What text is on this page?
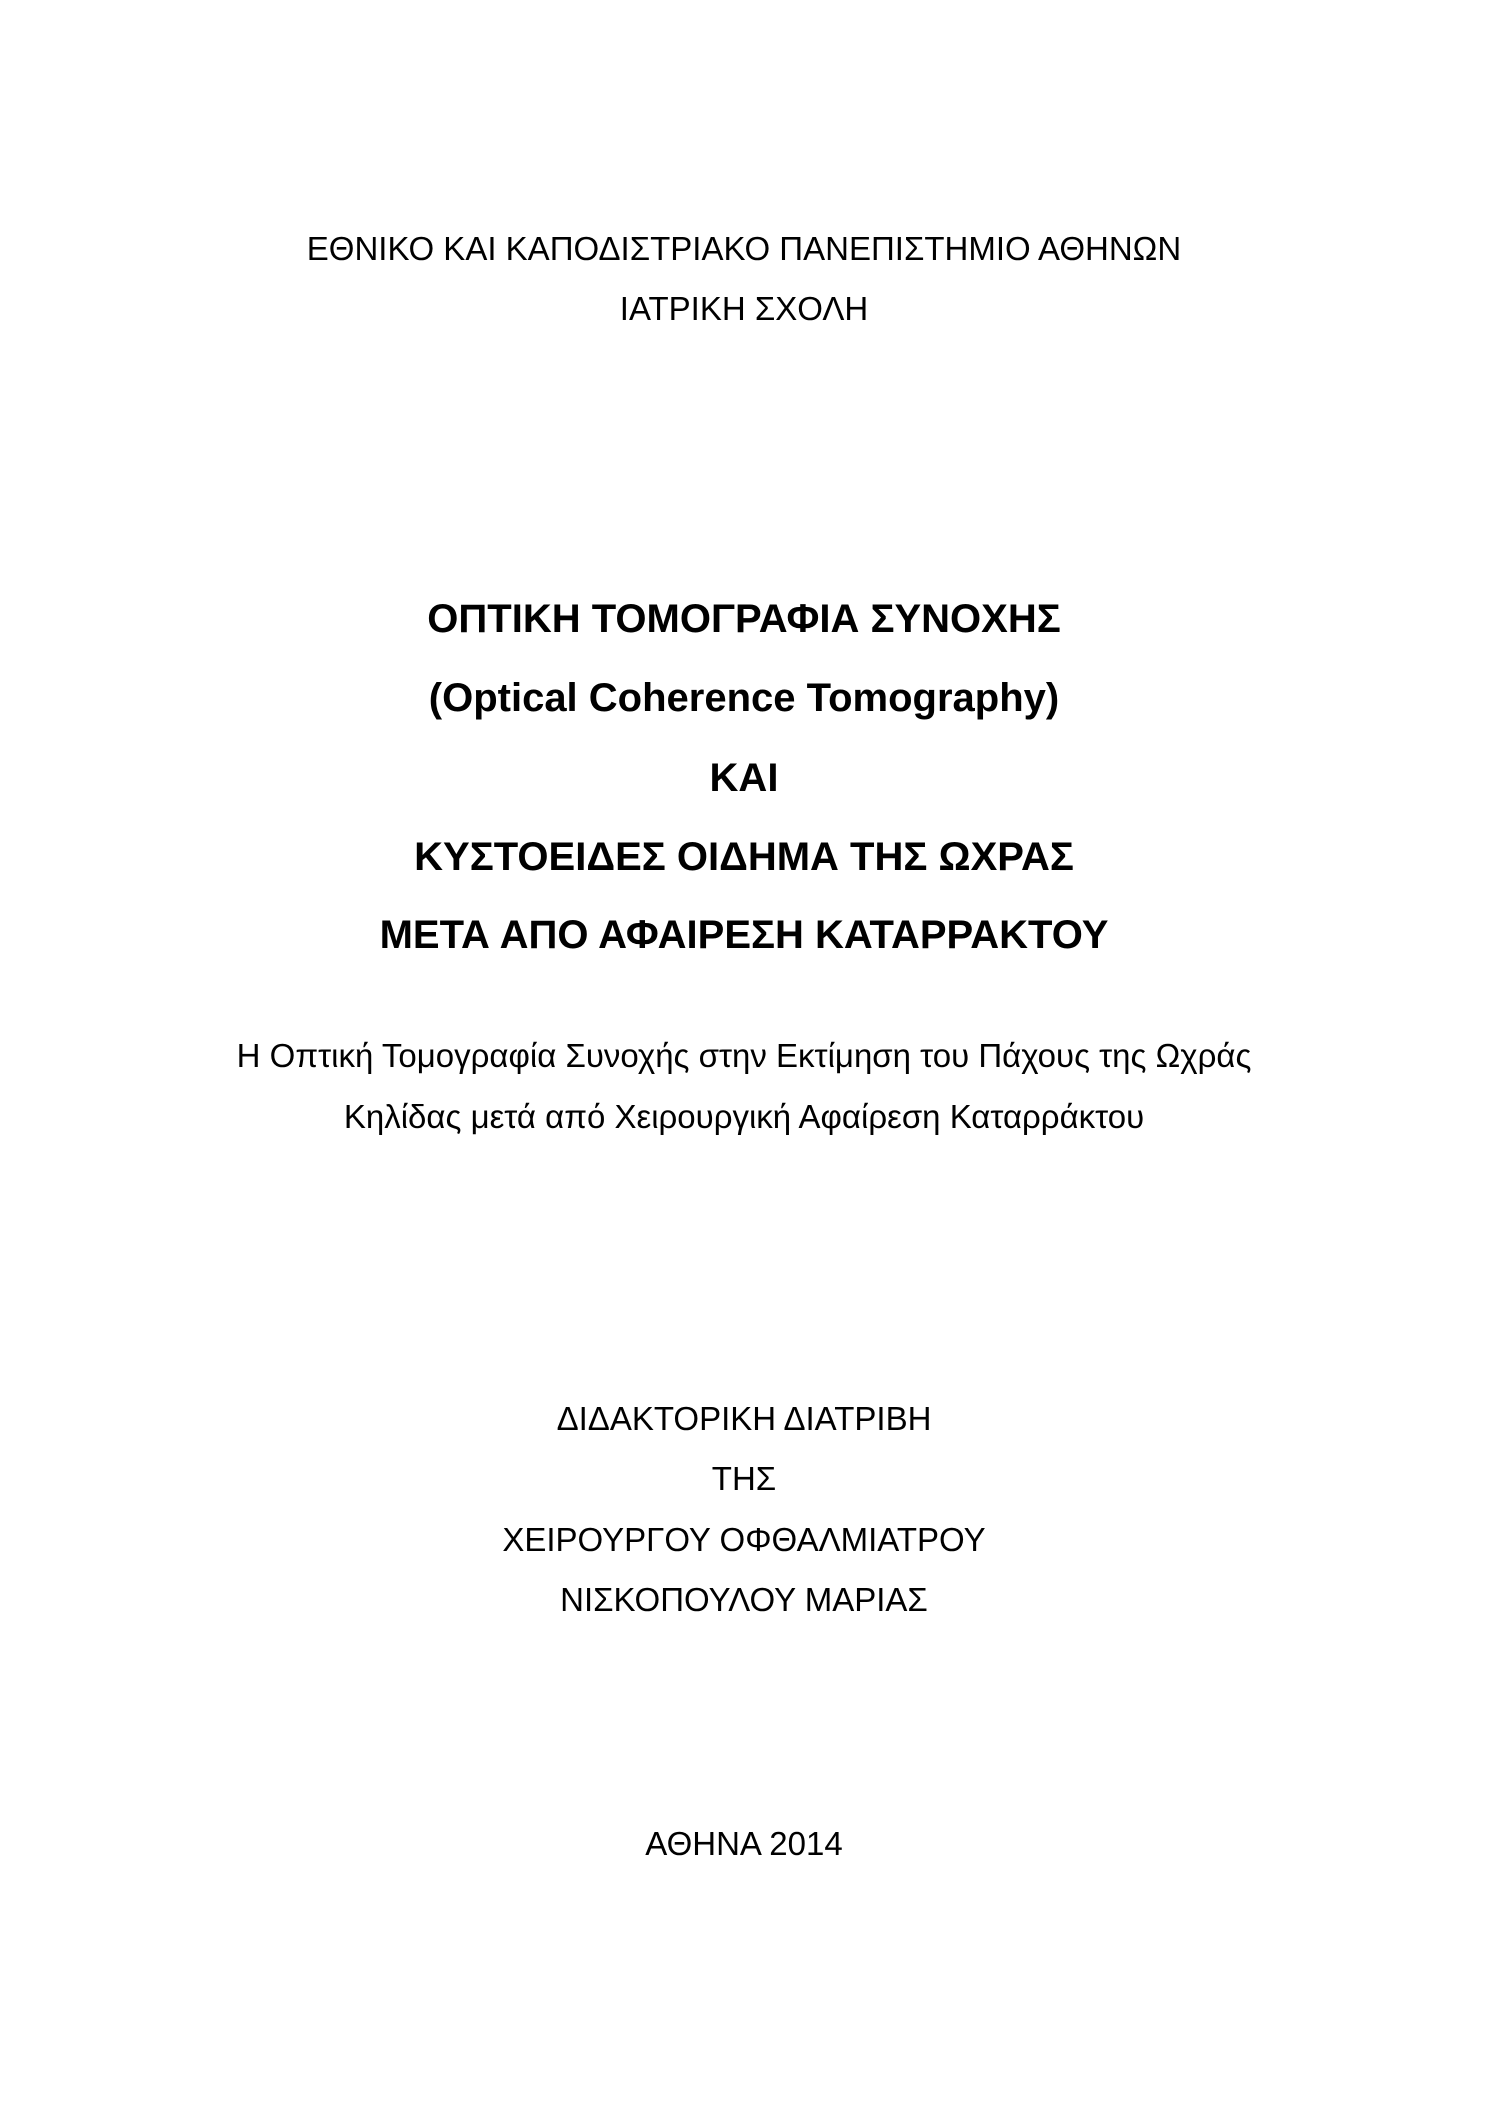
ΕΘΝΙΚΟ ΚΑΙ ΚΑΠΟΔΙΣΤΡΙΑΚΟ ΠΑΝΕΠΙΣΤΗΜΙΟ ΑΘΗΝΩΝ
ΙΑΤΡΙΚΗ ΣΧΟΛΗ
ΟΠΤΙΚΗ ΤΟΜΟΓΡΑΦΙΑ ΣΥΝΟΧΗΣ
(Optical Coherence Tomography)
ΚΑΙ
ΚΥΣΤΟΕΙΔΕΣ ΟΙΔΗΜΑ ΤΗΣ ΩΧΡΑΣ
ΜΕΤΑ ΑΠΟ ΑΦΑΙΡΕΣΗ ΚΑΤΑΡΡΑΚΤΟΥ
Η Οπτική Τομογραφία Συνοχής στην Εκτίμηση του Πάχους της Ωχράς
Κηλίδας μετά από Χειρουργική Αφαίρεση Καταρράκτου
ΔΙΔΑΚΤΟΡΙΚΗ ΔΙΑΤΡΙΒΗ
ΤΗΣ
ΧΕΙΡΟΥΡΓΟΥ ΟΦΘΑΛΜΙΑΤΡΟΥ
ΝΙΣΚΟΠΟΥΛΟΥ ΜΑΡΙΑΣ
ΑΘΗΝΑ 2014
